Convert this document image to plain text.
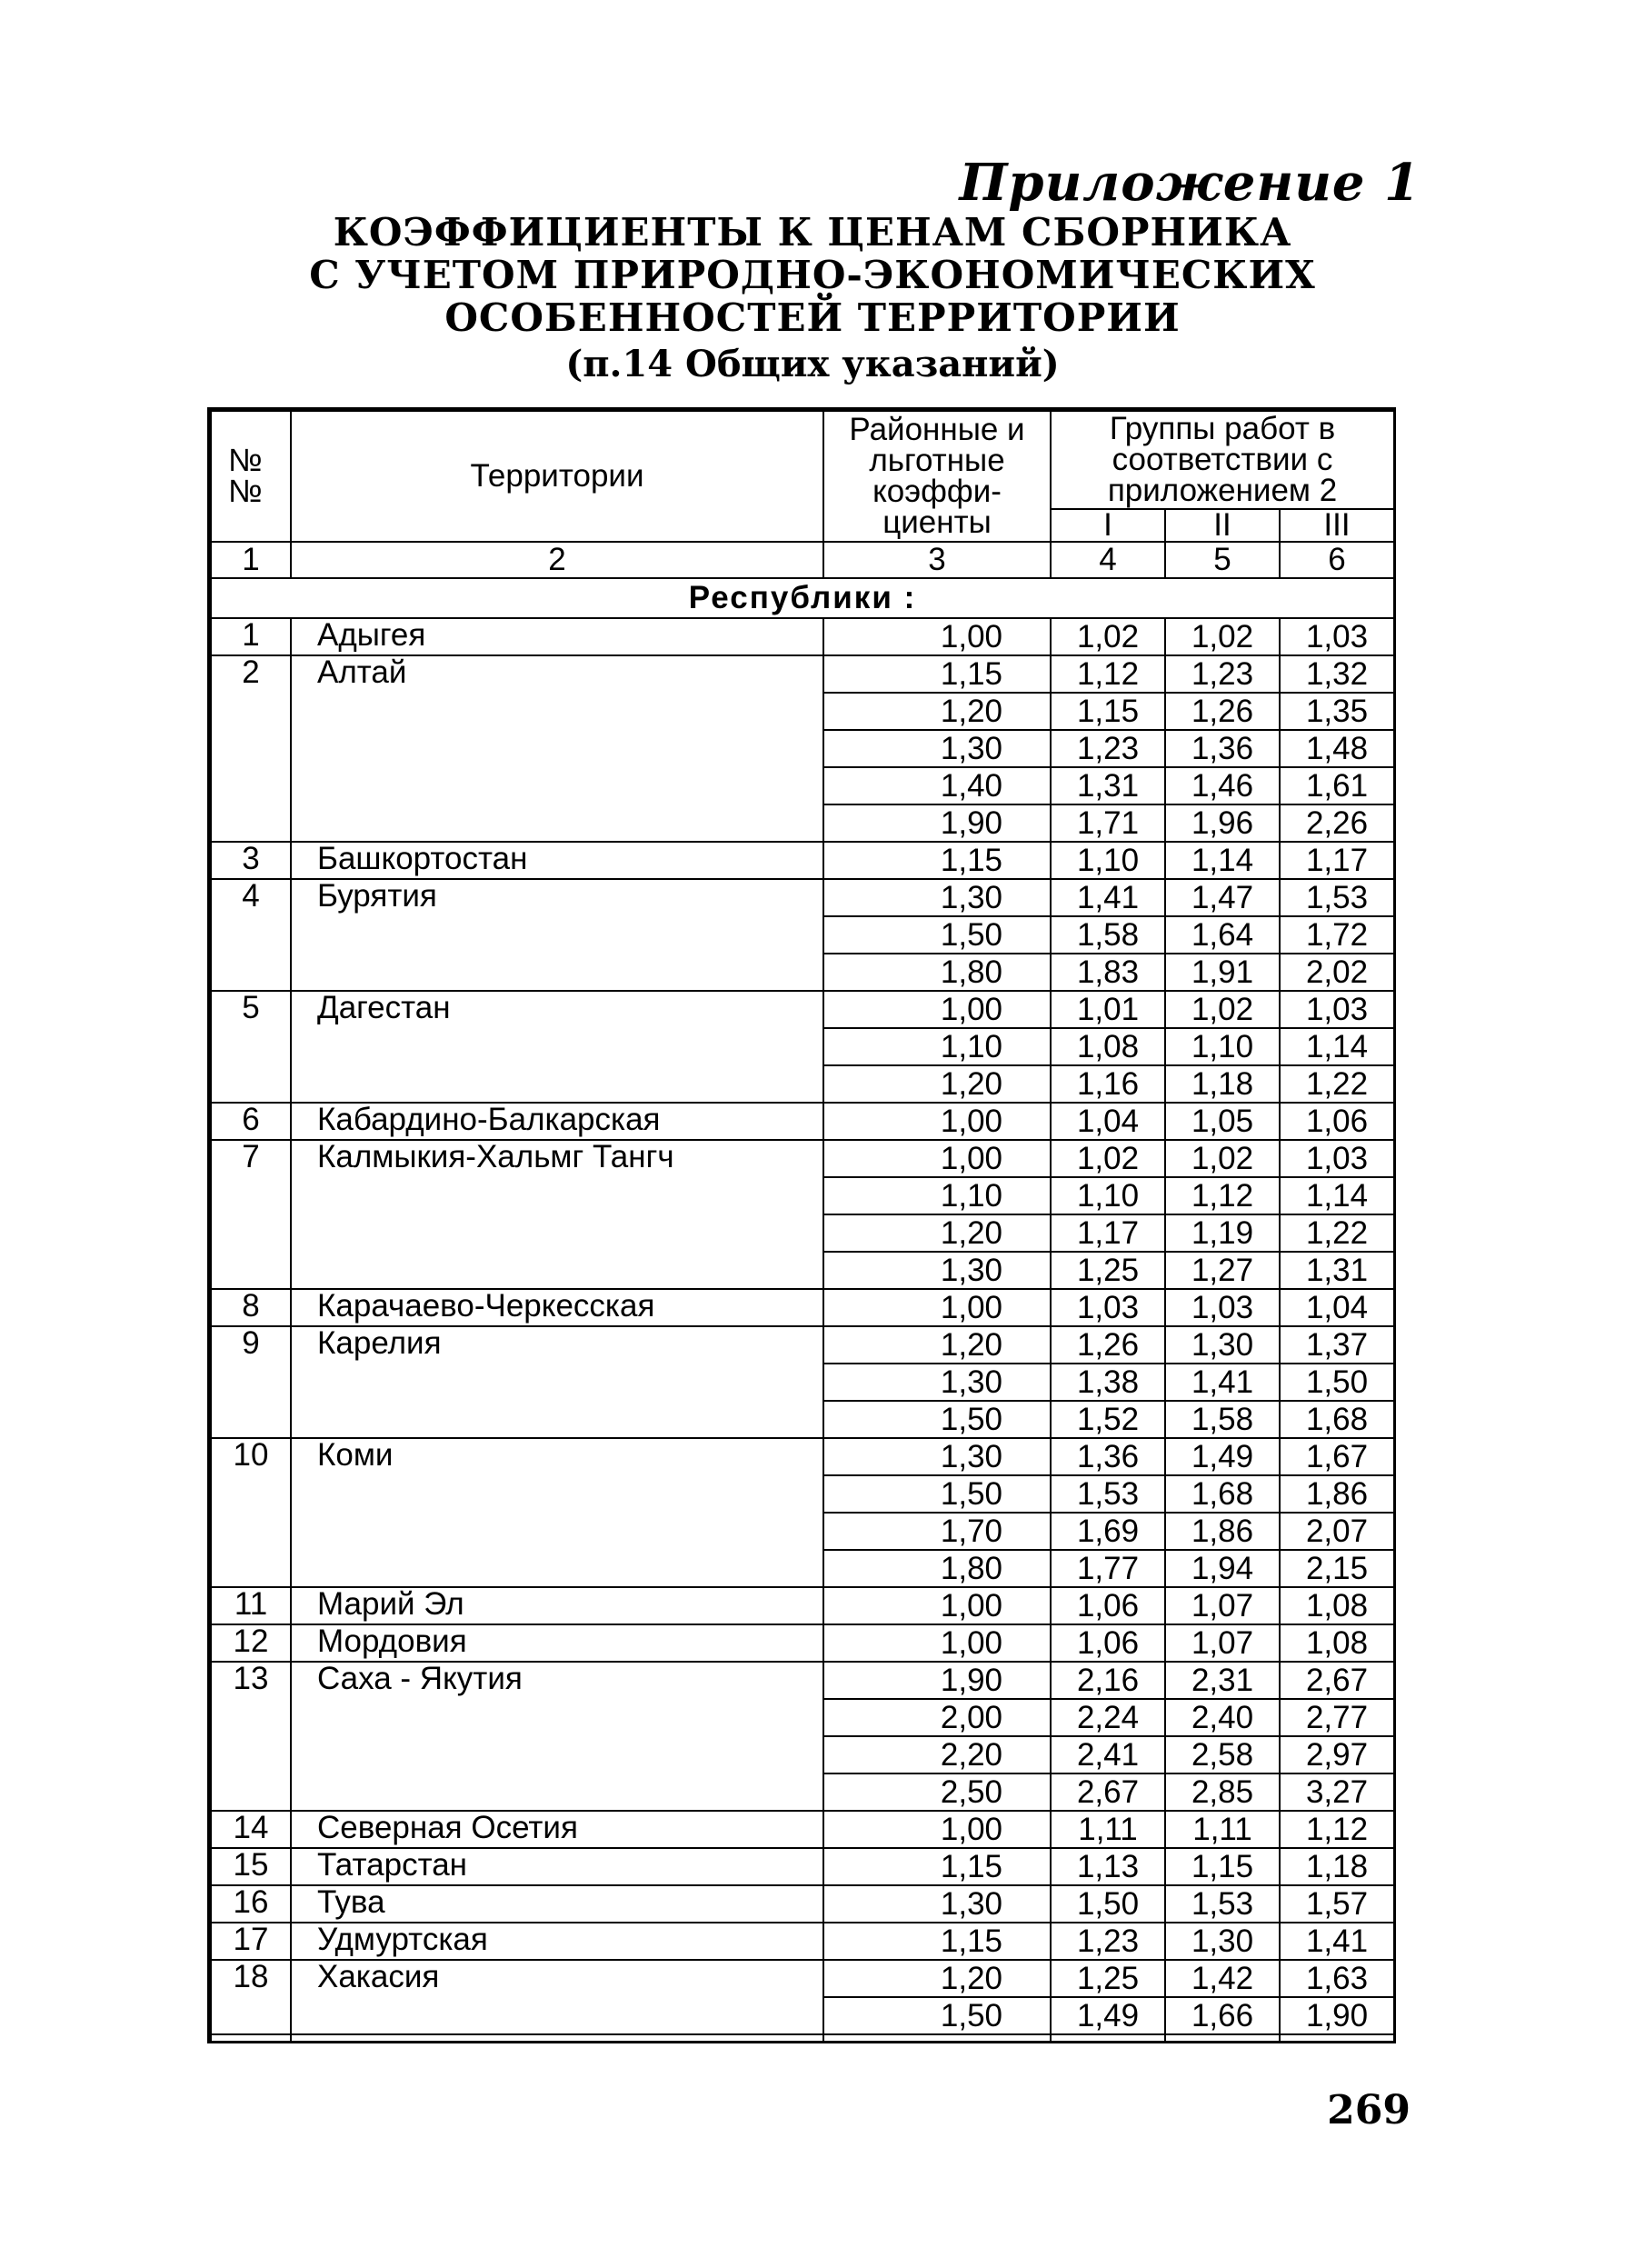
Приложение 1
КОЭФФИЦИЕНТЫ К ЦЕНАМ СБОРНИКА
С УЧЕТОМ ПРИРОДНО-ЭКОНОМИЧЕСКИХ
ОСОБЕННОСТЕЙ ТЕРРИТОРИИ
(п.14 Общих указаний)
№ №	Территории	Районные и льготные коэффи-циенты	Группы работ в соответствии с приложением 2		
			I	II	III
1	2	3	4	5	6
Республики :					
1	Адыгея	1,00	1,02	1,02	1,03
2	Алтай	1,15	1,12	1,23	1,32
		1,20	1,15	1,26	1,35
		1,30	1,23	1,36	1,48
		1,40	1,31	1,46	1,61
		1,90	1,71	1,96	2,26
3	Башкортостан	1,15	1,10	1,14	1,17
4	Бурятия	1,30	1,41	1,47	1,53
		1,50	1,58	1,64	1,72
		1,80	1,83	1,91	2,02
5	Дагестан	1,00	1,01	1,02	1,03
		1,10	1,08	1,10	1,14
		1,20	1,16	1,18	1,22
6	Кабардино-Балкарская	1,00	1,04	1,05	1,06
7	Калмыкия-Хальмг Тангч	1,00	1,02	1,02	1,03
		1,10	1,10	1,12	1,14
		1,20	1,17	1,19	1,22
		1,30	1,25	1,27	1,31
8	Карачаево-Черкесская	1,00	1,03	1,03	1,04
9	Карелия	1,20	1,26	1,30	1,37
		1,30	1,38	1,41	1,50
		1,50	1,52	1,58	1,68
10	Коми	1,30	1,36	1,49	1,67
		1,50	1,53	1,68	1,86
		1,70	1,69	1,86	2,07
		1,80	1,77	1,94	2,15
11	Марий Эл	1,00	1,06	1,07	1,08
12	Мордовия	1,00	1,06	1,07	1,08
13	Саха - Якутия	1,90	2,16	2,31	2,67
		2,00	2,24	2,40	2,77
		2,20	2,41	2,58	2,97
		2,50	2,67	2,85	3,27
14	Северная Осетия	1,00	1,11	1,11	1,12
15	Татарстан	1,15	1,13	1,15	1,18
16	Тува	1,30	1,50	1,53	1,57
17	Удмуртская	1,15	1,23	1,30	1,41
18	Хакасия	1,20	1,25	1,42	1,63
		1,50	1,49	1,66	1,90

269
